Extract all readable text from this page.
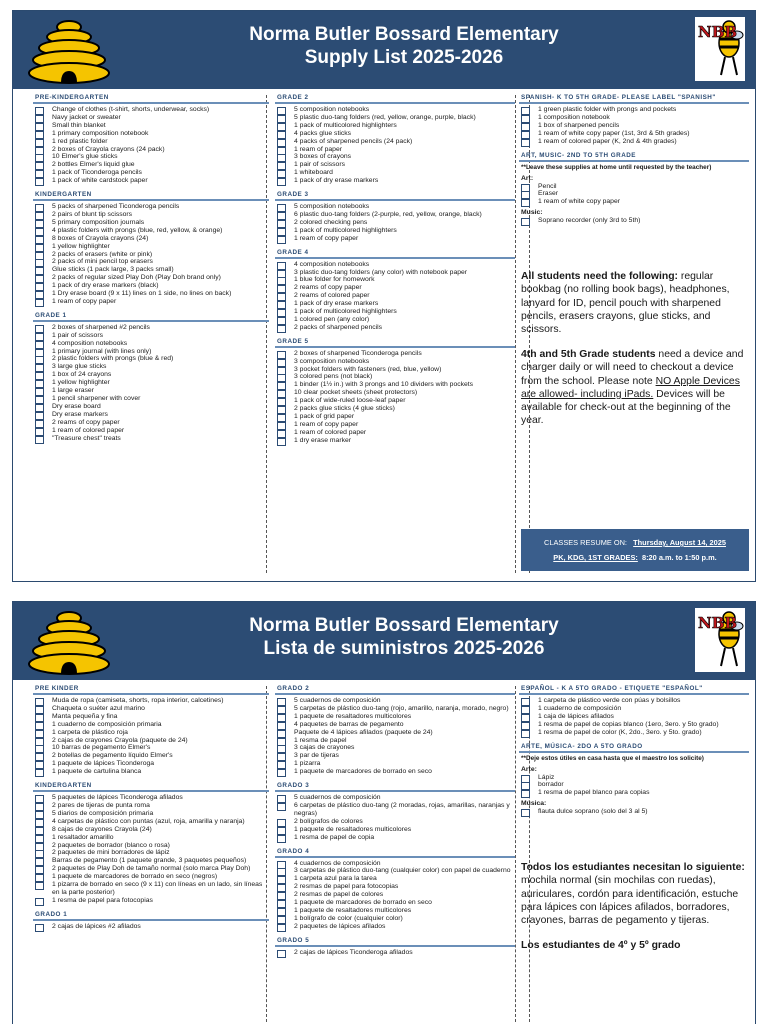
Norma Butler Bossard Elementary
Supply List 2025-2026
NBB
PRE-KINDERGARTEN
Change of clothes (t-shirt, shorts, underwear, socks)
Navy jacket or sweater
Small thin blanket
1 primary composition notebook
1 red plastic folder
2 boxes of Crayola crayons (24 pack)
10 Elmer's glue sticks
2 bottles Elmer's liquid glue
1 pack of Ticonderoga pencils
1 pack of white cardstock paper
KINDERGARTEN
5 packs of sharpened Ticonderoga pencils
2 pairs of blunt tip scissors
5 primary composition journals
4 plastic folders with prongs (blue, red, yellow, & orange)
8 boxes of Crayola crayons (24)
1 yellow highlighter
2 packs of erasers (white or pink)
2 packs of mini pencil top erasers
Glue sticks (1 pack large, 3 packs small)
2 packs of regular sized Play Doh (Play Doh brand only)
1 pack of dry erase markers (black)
1 Dry erase board (9 x 11) lines on 1 side, no lines on back)
1 ream of copy paper
GRADE 1
2 boxes of sharpened #2 pencils
1 pair of scissors
4 composition notebooks
1 primary journal (with lines only)
2 plastic folders with prongs (blue & red)
3 large glue sticks
1 box of 24 crayons
1 yellow highlighter
1 large eraser
1 pencil sharpener with cover
Dry erase board
Dry erase markers
2 reams of copy paper
1 ream of colored paper
"Treasure chest" treats
GRADE 2
5 composition notebooks
5 plastic duo-tang folders (red, yellow, orange, purple, black)
1 pack of multicolored highlighters
4 packs glue sticks
4 packs of sharpened pencils (24 pack)
1 ream of paper
3 boxes of crayons
1 pair of scissors
1 whiteboard
1 pack of dry erase markers
GRADE 3
5 composition notebooks
6 plastic duo-tang folders (2-purple, red, yellow, orange, black)
2 colored checking pens
1 pack of multicolored highlighters
1 ream of copy paper
GRADE 4
4 composition notebooks
3 plastic duo-tang folders (any color) with notebook paper
1 blue folder for homework
2 reams of copy paper
2 reams of colored paper
1 pack of dry erase markers
1 pack of multicolored highlighters
1 colored pen (any color)
2 packs of sharpened pencils
GRADE 5
2 boxes of sharpened Ticonderoga pencils
3 composition notebooks
3 pocket folders with fasteners (red, blue, yellow)
3 colored pens (not black)
1 binder (1½ in.) with 3 prongs and 10 dividers with pockets
10 clear pocket sheets (sheet protectors)
1 pack of wide-ruled loose-leaf paper
2 packs glue sticks (4 glue sticks)
1 pack of grid paper
1 ream of copy paper
1 ream of colored paper
1 dry erase marker
SPANISH- K TO 5TH GRADE- PLEASE LABEL "SPANISH"
1 green plastic folder with prongs and pockets
1 composition notebook
1 box of sharpened pencils
1 ream of white copy paper (1st, 3rd & 5th grades)
1 ream of colored paper (K, 2nd & 4th grades)
ART, MUSIC- 2ND TO 5TH GRADE
**Leave these supplies at home until requested by the teacher)
Art:
Pencil
Eraser
1 ream of white copy paper
Music:
Soprano recorder (only 3rd to 5th)

All students need the following: regular bookbag (no rolling book bags), headphones, lanyard for ID, pencil pouch with sharpened pencils, erasers crayons, glue sticks, and scissors.

4th and 5th Grade students need a device and charger daily or will need to checkout a device from the school. Please note NO Apple Devices are allowed- including iPads. Devices will be available for check-out at the beginning of the year.

CLASSES RESUME ON: Thursday, August 14, 2025
PK, KDG, 1ST GRADES: 8:20 a.m. to 1:50 p.m.
Norma Butler Bossard Elementary
Lista de suministros 2025-2026
NBB
PRE KINDER
Muda de ropa (camiseta, shorts, ropa interior, calcetines)
Chaqueta o suéter azul marino
Manta pequeña y fina
1 cuaderno de composición primaria
1 carpeta de plástico roja
2 cajas de crayones Crayola (paquete de 24)
10 barras de pegamento Elmer's
2 botellas de pegamento líquido Elmer's
1 paquete de lápices Ticonderoga
1 paquete de cartulina blanca
KINDERGARTEN
5 paquetes de lápices Ticonderoga afilados
2 pares de tijeras de punta roma
5 diarios de composición primaria
4 carpetas de plástico con puntas (azul, roja, amarilla y naranja)
8 cajas de crayones Crayola (24)
1 resaltador amarillo
2 paquetes de borrador (blanco o rosa)
2 paquetes de mini borradores de lápiz
Barras de pegamento (1 paquete grande, 3 paquetes pequeños)
2 paquetes de Play Doh de tamaño normal (solo marca Play Doh)
1 paquete de marcadores de borrado en seco (negros)
1 pizarra de borrado en seco (9 x 11) con líneas en un lado, sin líneas en la parte posterior)
1 resma de papel para fotocopias
GRADO 1
2 cajas de lápices #2 afilados
GRADO 2
5 cuadernos de composición
5 carpetas de plástico duo-tang (rojo, amarillo, naranja, morado, negro)
1 paquete de resaltadores multicolores
4 paquetes de barras de pegamento
Paquete de 4 lápices afilados (paquete de 24)
1 resma de papel
3 cajas de crayones
3 par de tijeras
1 pizarra
1 paquete de marcadores de borrado en seco
GRADO 3
5 cuadernos de composición
6 carpetas de plástico duo-tang (2 moradas, rojas, amarillas, naranjas y negras)
2 bolígrafos de colores
1 paquete de resaltadores multicolores
1 resma de papel de copia
GRADO 4
4 cuadernos de composición
3 carpetas de plástico duo-tang (cualquier color) con papel de cuaderno
1 carpeta azul para la tarea
2 resmas de papel para fotocopias
2 resmas de papel de colores
1 paquete de marcadores de borrado en seco
1 paquete de resaltadores multicolores
1 bolígrafo de color (cualquier color)
2 paquetes de lápices afilados
GRADO 5
2 cajas de lápices Ticonderoga afilados
ESPAÑOL - K A 5TO GRADO - ETIQUETE "ESPAÑOL"
1 carpeta de plástico verde con púas y bolsillos
1 cuaderno de composición
1 caja de lápices afilados
1 resma de papel de copias blanco (1ero, 3ero. y 5to grado)
1 resma de papel de color (K, 2do., 3ero. y 5to. grado)
ARTE, MÚSICA- 2DO A 5TO GRADO
**Deje estos útiles en casa hasta que el maestro los solicite)
Arte:
Lápiz
borrador
1 resma de papel blanco para copias
Música:
flauta dulce soprano (solo del 3 al 5)

Todos los estudiantes necesitan lo siguiente: mochila normal (sin mochilas con ruedas), auriculares, cordón para identificación, estuche para lápices con lápices afilados, borradores, crayones, barras de pegamento y tijeras.

Los estudiantes de 4º y 5º grado
